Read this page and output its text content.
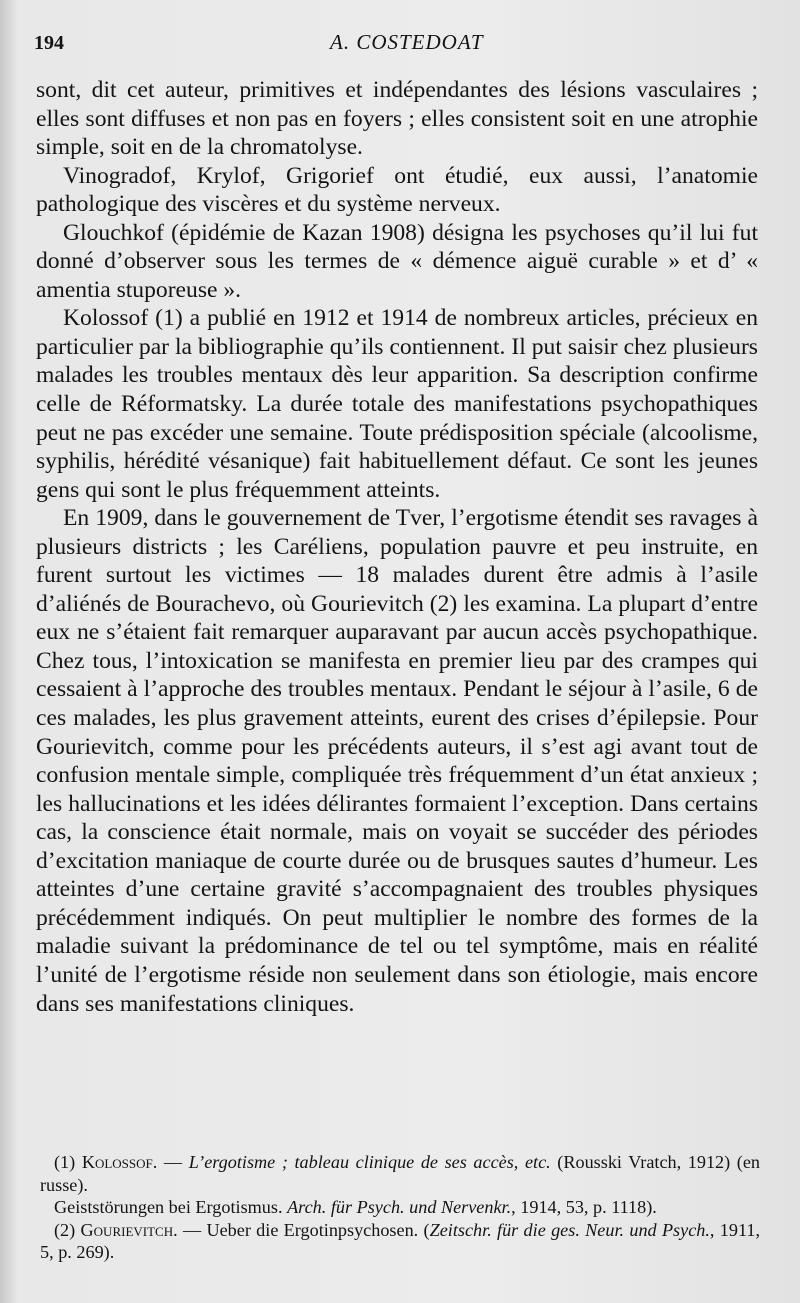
194	A. COSTEDOAT

sont, dit cet auteur, primitives et indépendantes des lésions vasculaires ; elles sont diffuses et non pas en foyers ; elles consistent soit en une atrophie simple, soit en de la chromatolyse.

Vinogradof, Krylof, Grigorief ont étudié, eux aussi, l’anatomie pathologique des viscères et du système nerveux.

Glouchkof (épidémie de Kazan 1908) désigna les psychoses qu’il lui fut donné d’observer sous les termes de « démence aiguë curable » et d’ « amentia stuporeuse ».

Kolossof (1) a publié en 1912 et 1914 de nombreux articles, précieux en particulier par la bibliographie qu’ils contiennent. Il put saisir chez plusieurs malades les troubles mentaux dès leur apparition. Sa description confirme celle de Réformatsky. La durée totale des manifestations psychopathiques peut ne pas excéder une semaine. Toute prédisposition spéciale (alcoolisme, syphilis, hérédité vésanique) fait habituellement défaut. Ce sont les jeunes gens qui sont le plus fréquemment atteints.

En 1909, dans le gouvernement de Tver, l’ergotisme étendit ses ravages à plusieurs districts ; les Caréliens, population pauvre et peu instruite, en furent surtout les victimes — 18 malades durent être admis à l’asile d’aliénés de Bourachevo, où Gourievitch (2) les examina. La plupart d’entre eux ne s’étaient fait remarquer auparavant par aucun accès psychopathique. Chez tous, l’intoxication se manifesta en premier lieu par des crampes qui cessaient à l’approche des troubles mentaux. Pendant le séjour à l’asile, 6 de ces malades, les plus gravement atteints, eurent des crises d’épilepsie. Pour Gourievitch, comme pour les précédents auteurs, il s’est agi avant tout de confusion mentale simple, compliquée très fréquemment d’un état anxieux ; les hallucinations et les idées délirantes formaient l’exception. Dans certains cas, la conscience était normale, mais on voyait se succéder des périodes d’excitation maniaque de courte durée ou de brusques sautes d’humeur. Les atteintes d’une certaine gravité s’accompagnaient des troubles physiques précédemment indiqués. On peut multiplier le nombre des formes de la maladie suivant la prédominance de tel ou tel symptôme, mais en réalité l’unité de l’ergotisme réside non seulement dans son étiologie, mais encore dans ses manifestations cliniques.

(1) Kolossof. — L’ergotisme ; tableau clinique de ses accès, etc. (Rousski Vratch, 1912) (en russe).

Geiststörungen bei Ergotismus. Arch. für Psych. und Nervenkr., 1914, 53, p. 1118).

(2) Gourievitch. — Ueber die Ergotinpsychosen. (Zeitschr. für die ges. Neur. und Psych., 1911, 5, p. 269).
